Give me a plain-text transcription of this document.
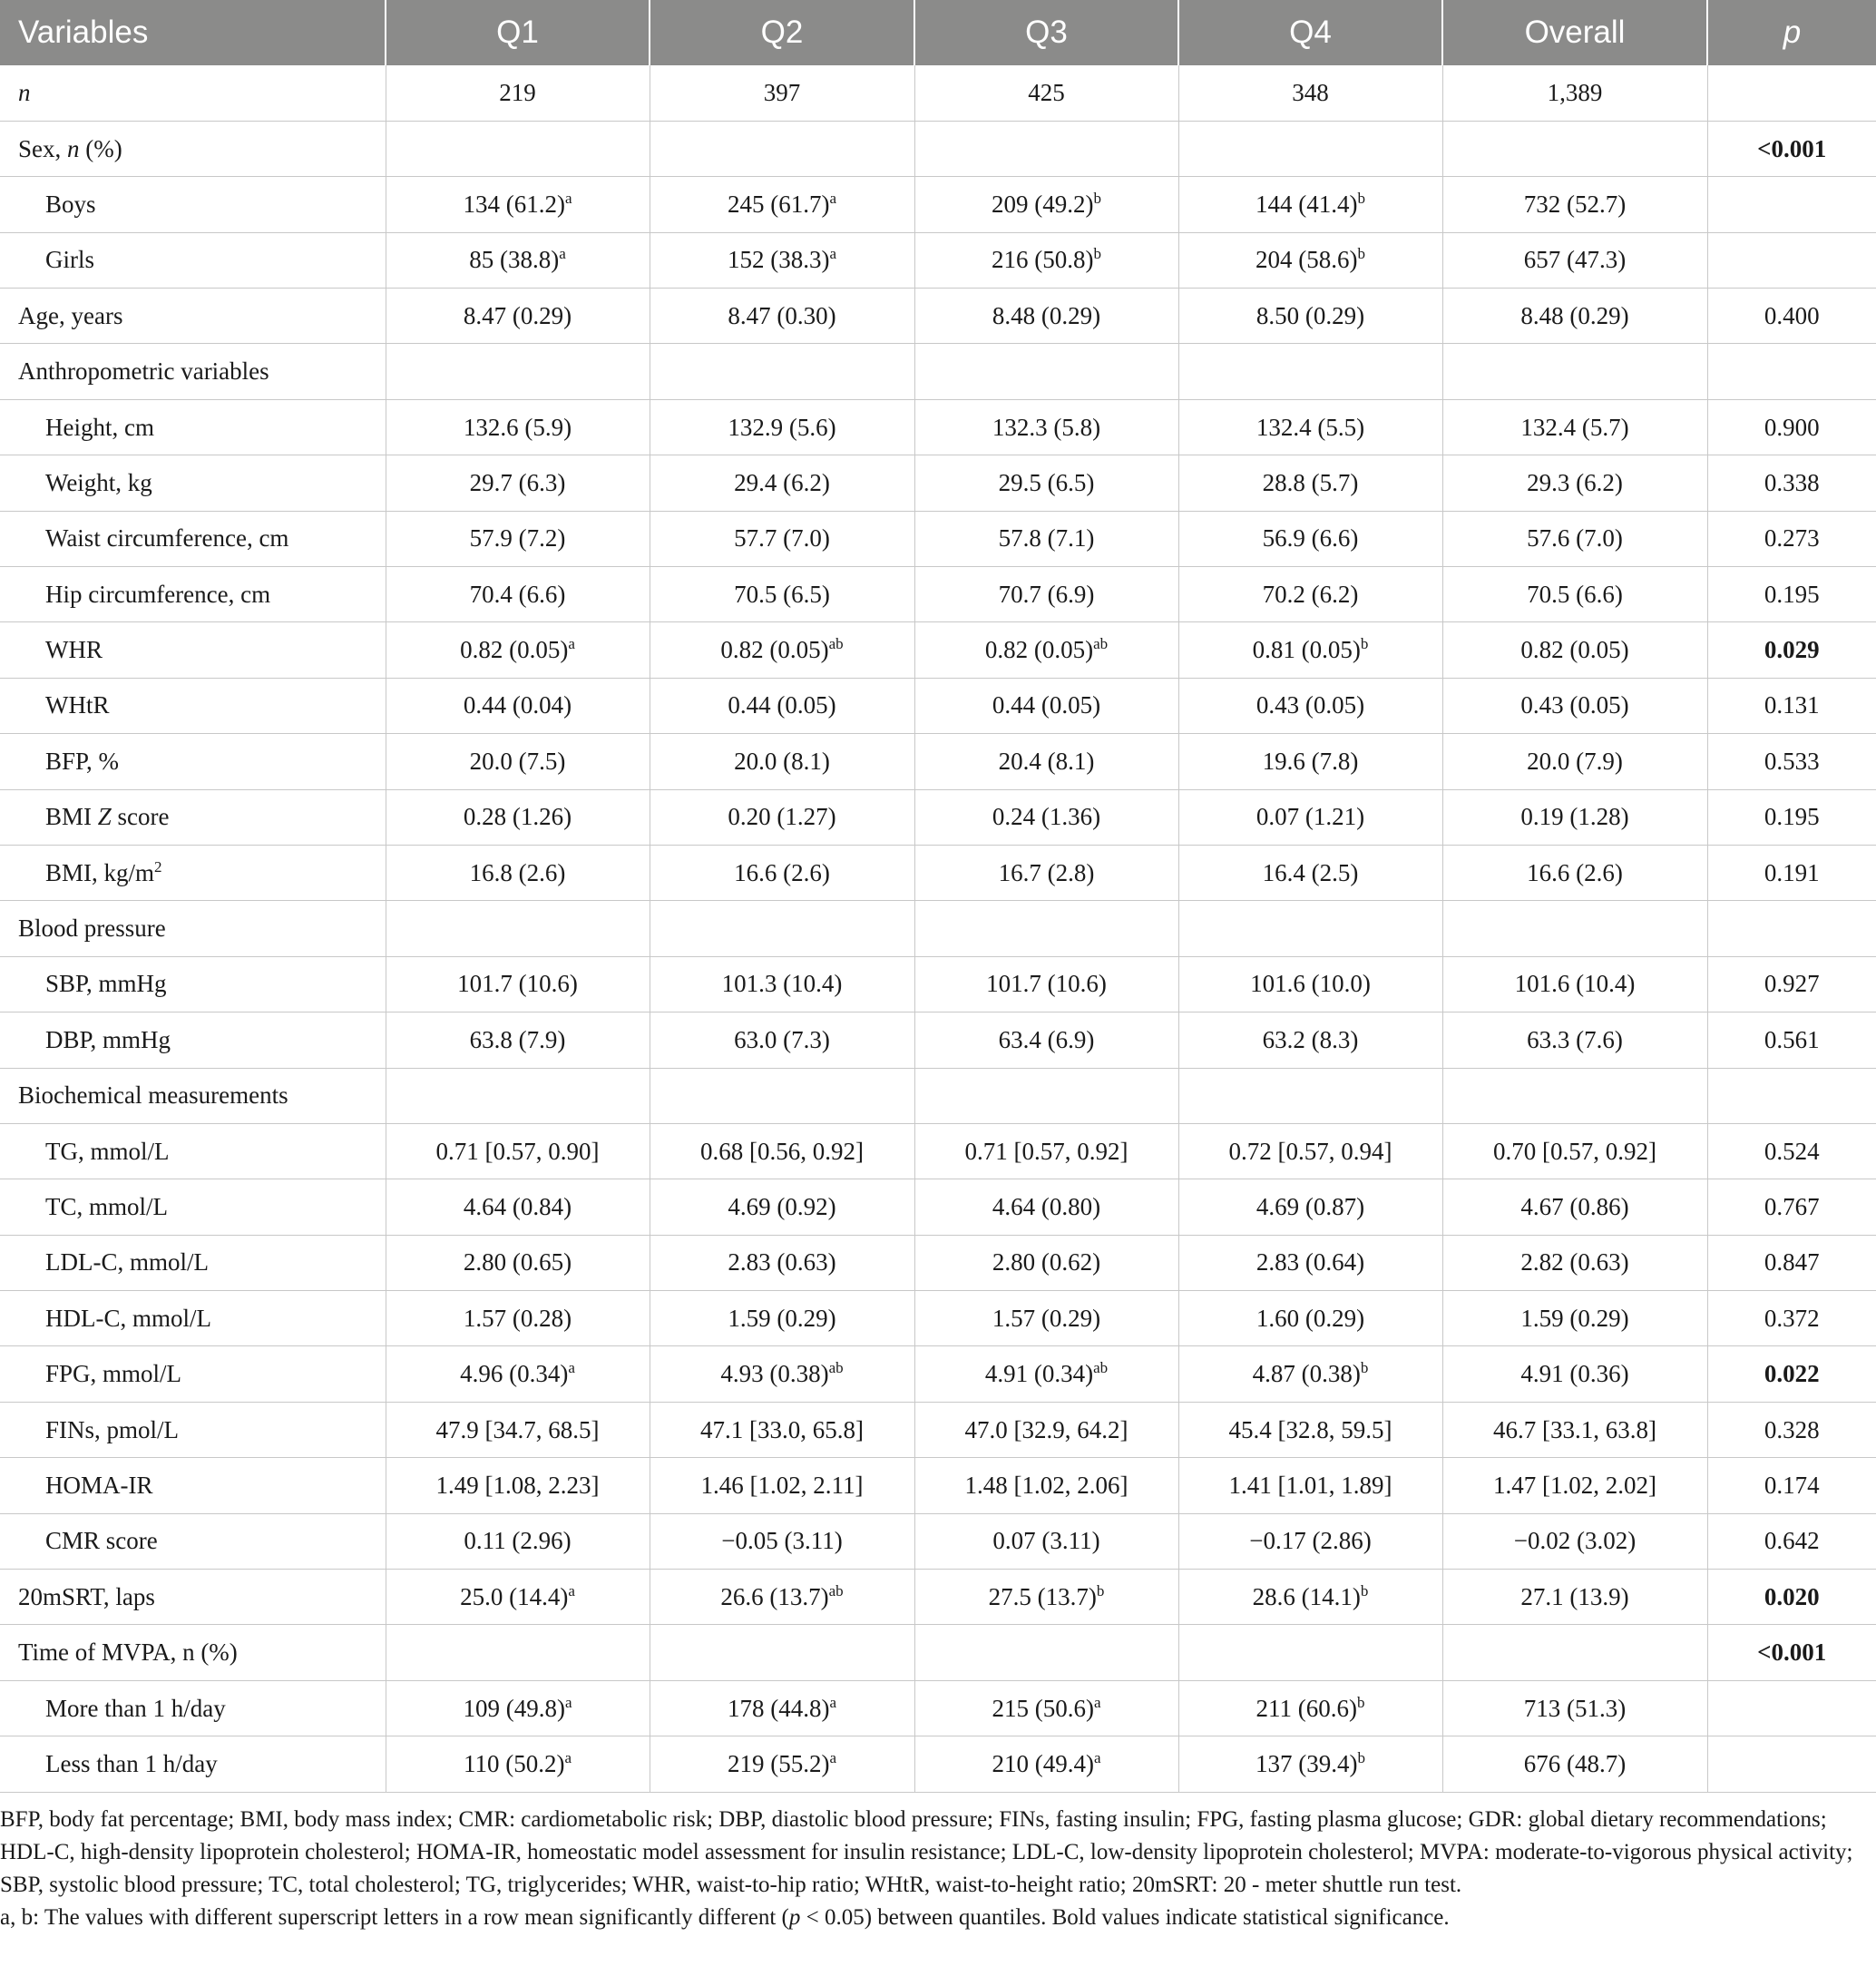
Variables	Q1	Q2	Q3	Q4	Overall	p
n	219	397	425	348	1,389	
Sex, n (%)						<0.001
Boys	134 $(61.2)^a$	245 $(61.7)^a$	209 $(49.2)^b$	144 $(41.4)^b$	732 (52.7)	
Girls	85 $(38.8)^a$	152 $(38.3)^a$	216 $(50.8)^b$	204 $(58.6)^b$	657 (47.3)	
Age, years	8.47 (0.29)	8.47 (0.30)	8.48 (0.29)	8.50 (0.29)	8.48 (0.29)	0.400
Anthropometric variables						
Height, cm	132.6 (5.9)	132.9 (5.6)	132.3 (5.8)	132.4 (5.5)	132.4 (5.7)	0.900
Weight, kg	29.7 (6.3)	29.4 (6.2)	29.5 (6.5)	28.8 (5.7)	29.3 (6.2)	0.338
Waist circumference, cm	57.9 (7.2)	57.7 (7.0)	57.8 (7.1)	56.9 (6.6)	57.6 (7.0)	0.273
Hip circumference, cm	70.4 (6.6)	70.5 (6.5)	70.7 (6.9)	70.2 (6.2)	70.5 (6.6)	0.195
WHR	0.82 $(0.05)^a$	0.82 $(0.05)^{ab}$	0.82 $(0.05)^{ab}$	0.81 $(0.05)^b$	0.82 (0.05)	0.029
WHtR	0.44 (0.04)	0.44 (0.05)	0.44 (0.05)	0.43 (0.05)	0.43 (0.05)	0.131
BFP, %	20.0 (7.5)	20.0 (8.1)	20.4 (8.1)	19.6 (7.8)	20.0 (7.9)	0.533
BMI Z score	0.28 (1.26)	0.20 (1.27)	0.24 (1.36)	0.07 (1.21)	0.19 (1.28)	0.195
BMI, $kg/m^2$	16.8 (2.6)	16.6 (2.6)	16.7 (2.8)	16.4 (2.5)	16.6 (2.6)	0.191
Blood pressure						
SBP, mmHg	101.7 (10.6)	101.3 (10.4)	101.7 (10.6)	101.6 (10.0)	101.6 (10.4)	0.927
DBP, mmHg	63.8 (7.9)	63.0 (7.3)	63.4 (6.9)	63.2 (8.3)	63.3 (7.6)	0.561
Biochemical measurements						
TG, mmol/L	0.71 [0.57, 0.90]	0.68 [0.56, 0.92]	0.71 [0.57, 0.92]	0.72 [0.57, 0.94]	0.70 [0.57, 0.92]	0.524
TC, mmol/L	4.64 (0.84)	4.69 (0.92)	4.64 (0.80)	4.69 (0.87)	4.67 (0.86)	0.767
LDL-C, mmol/L	2.80 (0.65)	2.83 (0.63)	2.80 (0.62)	2.83 (0.64)	2.82 (0.63)	0.847
HDL-C, mmol/L	1.57 (0.28)	1.59 (0.29)	1.57 (0.29)	1.60 (0.29)	1.59 (0.29)	0.372
FPG, mmol/L	4.96 $(0.34)^a$	4.93 $(0.38)^{ab}$	4.91 $(0.34)^{ab}$	4.87 $(0.38)^b$	4.91 (0.36)	0.022
FINs, pmol/L	47.9 [34.7, 68.5]	47.1 [33.0, 65.8]	47.0 [32.9, 64.2]	45.4 [32.8, 59.5]	46.7 [33.1, 63.8]	0.328
HOMA-IR	1.49 [1.08, 2.23]	1.46 [1.02, 2.11]	1.48 [1.02, 2.06]	1.41 [1.01, 1.89]	1.47 [1.02, 2.02]	0.174
CMR score	0.11 (2.96)	−0.05 (3.11)	0.07 (3.11)	−0.17 (2.86)	−0.02 (3.02)	0.642
20mSRT, laps	25.0 $(14.4)^a$	26.6 $(13.7)^{ab}$	27.5 $(13.7)^b$	28.6 $(14.1)^b$	27.1 (13.9)	0.020
Time of MVPA, n (%)						<0.001
More than 1 h/day	109 $(49.8)^a$	178 $(44.8)^a$	215 $(50.6)^a$	211 $(60.6)^b$	713 (51.3)	
Less than 1 h/day	110 $(50.2)^a$	219 $(55.2)^a$	210 $(49.4)^a$	137 $(39.4)^b$	676 (48.7)	

BFP, body fat percentage; BMI, body mass index; CMR: cardiometabolic risk; DBP, diastolic blood pressure; FINs, fasting insulin; FPG, fasting plasma glucose; GDR: global dietary recommendations; HDL-C, high-density lipoprotein cholesterol; HOMA-IR, homeostatic model assessment for insulin resistance; LDL-C, low-density lipoprotein cholesterol; MVPA: moderate-to-vigorous physical activity; SBP, systolic blood pressure; TC, total cholesterol; TG, triglycerides; WHR, waist-to-hip ratio; WHtR, waist-to-height ratio; 20mSRT: 20 - meter shuttle run test.

a, b: The values with different superscript letters in a row mean significantly different (p < 0.05) between quantiles. Bold values indicate statistical significance.
